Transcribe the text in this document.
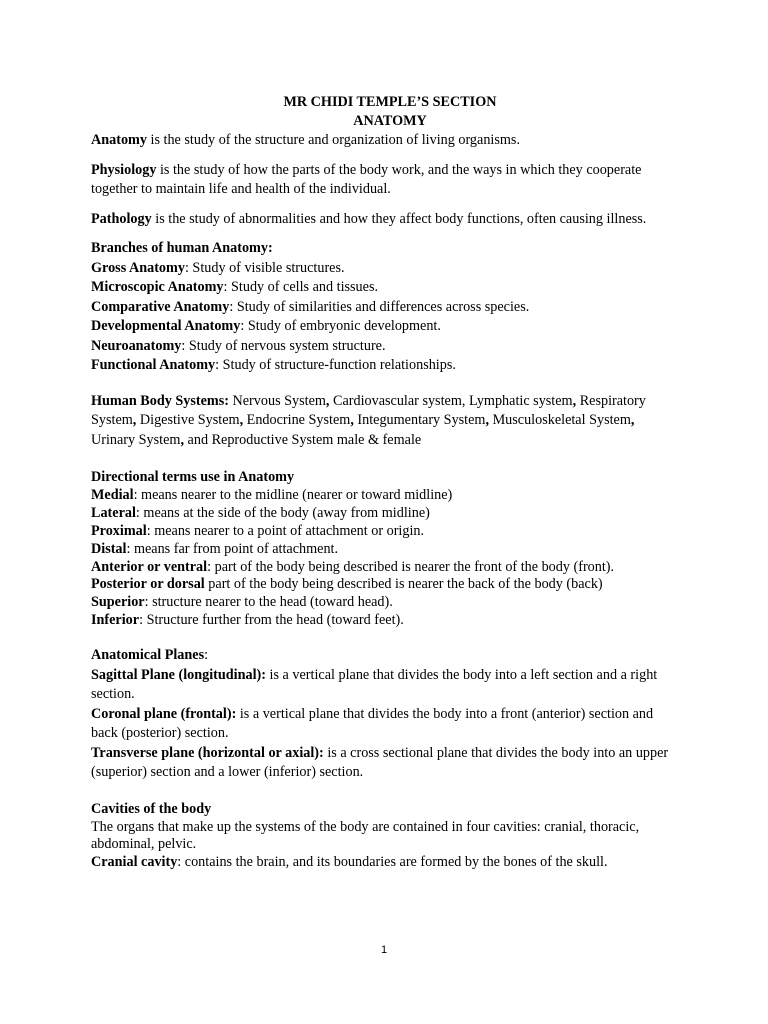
MR CHIDI TEMPLE’S SECTION
ANATOMY

Anatomy is the study of the structure and organization of living organisms.

Physiology is the study of how the parts of the body work, and the ways in which they cooperate together to maintain life and health of the individual.

Pathology is the study of abnormalities and how they affect body functions, often causing illness.

Branches of human Anatomy:

Gross Anatomy: Study of visible structures.

Microscopic Anatomy: Study of cells and tissues.

Comparative Anatomy: Study of similarities and differences across species.

Developmental Anatomy: Study of embryonic development.

Neuroanatomy: Study of nervous system structure.

Functional Anatomy: Study of structure-function relationships.

Human Body Systems: Nervous System, Cardiovascular system, Lymphatic system, Respiratory System, Digestive System, Endocrine System, Integumentary System, Musculoskeletal System, Urinary System, and Reproductive System male & female

Directional terms use in Anatomy

Medial: means nearer to the midline (nearer or toward midline)

Lateral: means at the side of the body (away from midline)

Proximal: means nearer to a point of attachment or origin.

Distal: means far from point of attachment.

Anterior or ventral: part of the body being described is nearer the front of the body (front).

Posterior or dorsal part of the body being described is nearer the back of the body (back)

Superior: structure nearer to the head (toward head).

Inferior: Structure further from the head (toward feet).

Anatomical Planes:

Sagittal Plane (longitudinal): is a vertical plane that divides the body into a left section and a right section.

Coronal plane (frontal): is a vertical plane that divides the body into a front (anterior) section and back (posterior) section.

Transverse plane (horizontal or axial): is a cross sectional plane that divides the body into an upper (superior) section and a lower (inferior) section.

Cavities of the body

The organs that make up the systems of the body are contained in four cavities: cranial, thoracic, abdominal, pelvic.

Cranial cavity: contains the brain, and its boundaries are formed by the bones of the skull.

1
